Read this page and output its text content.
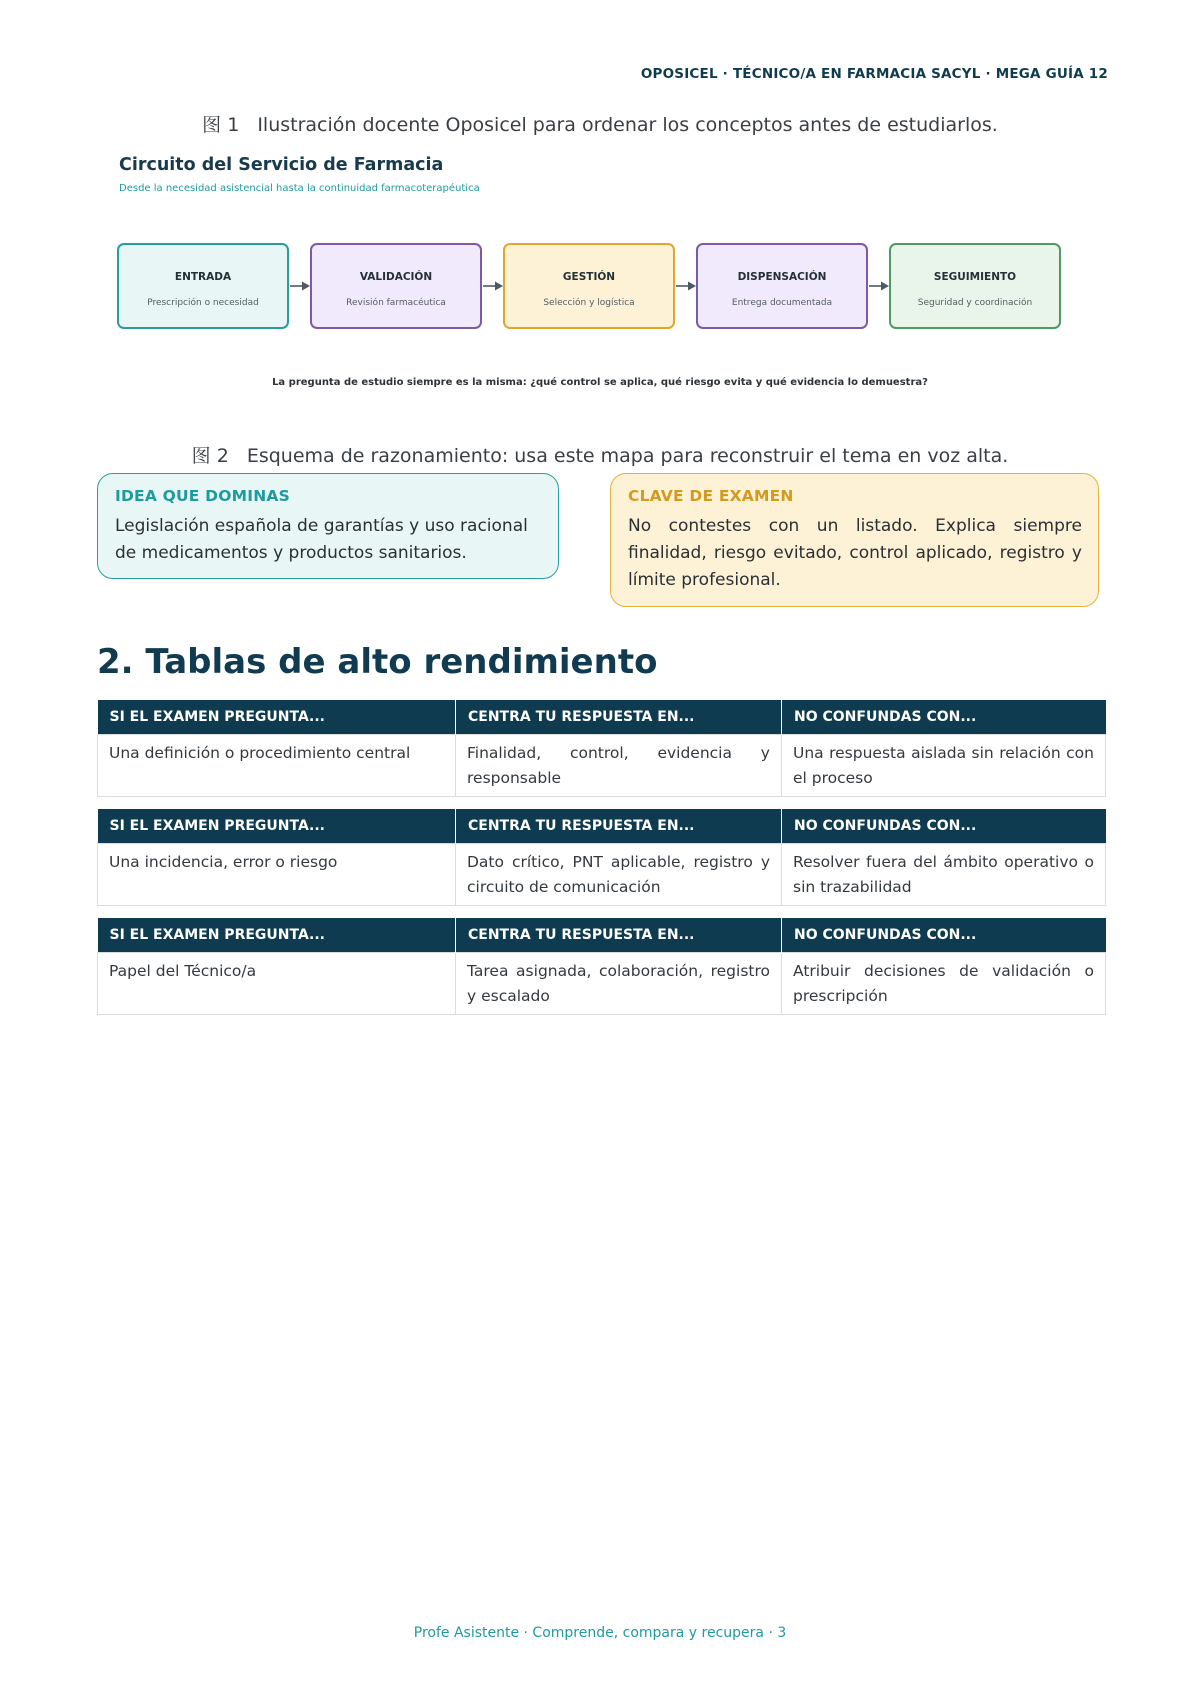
OPOSICEL · TÉCNICO/A EN FARMACIA SACYL · MEGA GUÍA 12
图 1 Ilustración docente Oposicel para ordenar los conceptos antes de estudiarlos.
Circuito del Servicio de Farmacia
Desde la necesidad asistencial hasta la continuidad farmacoterapéutica
ENTRADA
Prescripción o necesidad
VALIDACIÓN
Revisión farmacéutica
GESTIÓN
Selección y logística
DISPENSACIÓN
Entrega documentada
SEGUIMIENTO
Seguridad y coordinación
La pregunta de estudio siempre es la misma: ¿qué control se aplica, qué riesgo evita y qué evidencia lo demuestra?
图 2 Esquema de razonamiento: usa este mapa para reconstruir el tema en voz alta.
IDEA QUE DOMINAS
Legislación española de garantías y uso racional de medicamentos y productos sanitarios.
CLAVE DE EXAMEN
No contestes con un listado. Explica siempre finalidad, riesgo evitado, control aplicado, registro y límite profesional.
2. Tablas de alto rendimiento
SI EL EXAMEN PREGUNTA...	CENTRA TU RESPUESTA EN...	NO CONFUNDAS CON...
Una definición o procedimiento central	Finalidad, control, evidencia y responsable	Una respuesta aislada sin relación con el proceso
SI EL EXAMEN PREGUNTA...	CENTRA TU RESPUESTA EN...	NO CONFUNDAS CON...
Una incidencia, error o riesgo	Dato crítico, PNT aplicable, registro y circuito de comunicación	Resolver fuera del ámbito operativo o sin trazabilidad
SI EL EXAMEN PREGUNTA...	CENTRA TU RESPUESTA EN...	NO CONFUNDAS CON...
Papel del Técnico/a	Tarea asignada, colaboración, registro y escalado	Atribuir decisiones de validación o prescripción
Profe Asistente · Comprende, compara y recupera · 3
